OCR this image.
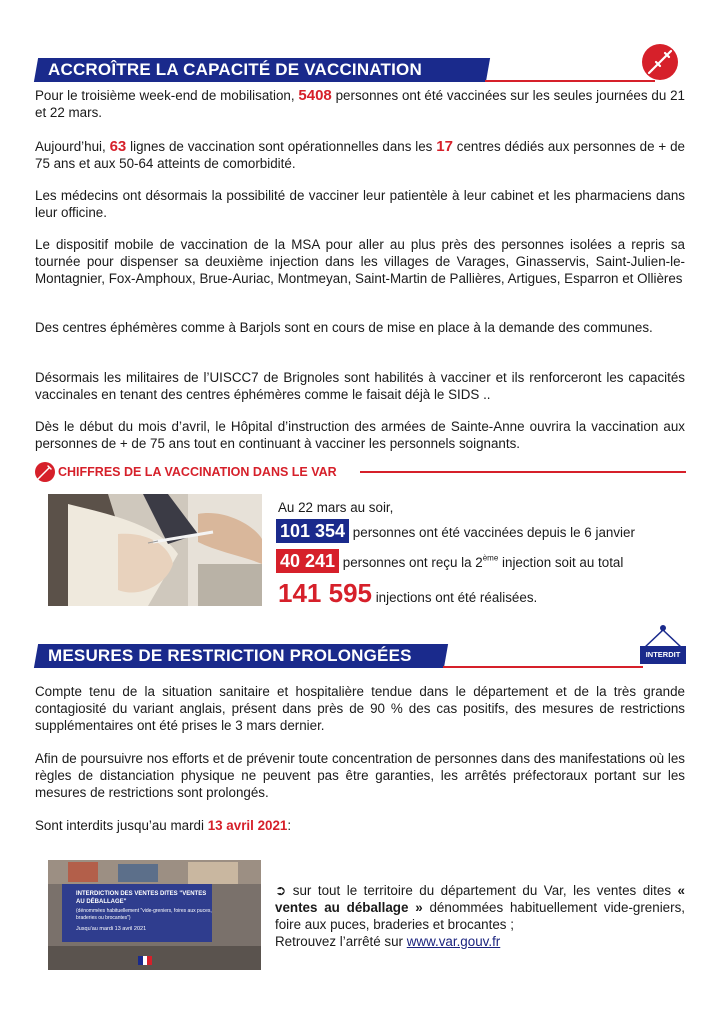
ACCROÎTRE LA CAPACITÉ DE VACCINATION

Pour le troisième week-end de mobilisation, 5408 personnes ont été vaccinées sur les seules journées du 21 et 22 mars.

Aujourd’hui, 63 lignes de vaccination sont opérationnelles dans les 17 centres dédiés aux personnes de + de 75 ans et aux 50-64 atteints de comorbidité.

Les médecins ont désormais la possibilité de vacciner leur patientèle à leur cabinet et les pharmaciens dans leur officine.

Le dispositif mobile de vaccination de la MSA pour aller au plus près des personnes isolées a repris sa tournée pour dispenser sa deuxième injection dans les villages de Varages, Ginasservis, Saint-Julien-le-Montagnier, Fox-Amphoux, Brue-Auriac, Montmeyan, Saint-Martin de Pallières, Artigues, Esparron et Ollières

Des centres éphémères comme à Barjols sont en cours de mise en place à la demande des communes.

Désormais les militaires de l’UISCC7 de Brignoles sont habilités à vacciner et ils renforceront les capacités vaccinales en tenant des centres éphémères comme le faisait déjà le SIDS ..

Dès le début du mois d’avril, le Hôpital d’instruction des armées de Sainte-Anne ouvrira la vaccination aux personnes de + de 75 ans tout en continuant à vacciner les personnels soignants.

CHIFFRES DE LA VACCINATION DANS LE VAR
Au 22 mars au soir,
101 354 personnes ont été vaccinées depuis le 6 janvier
40 241 personnes ont reçu la 2ème injection soit au total
141 595 injections ont été réalisées.
MESURES DE RESTRICTION PROLONGÉES	INTERDIT

Compte tenu de la situation sanitaire et hospitalière tendue dans le département et de la très grande contagiosité du variant anglais, présent dans près de 90 % des cas positifs, des mesures de restrictions supplémentaires ont été prises le 3 mars dernier.

Afin de poursuivre nos efforts et de prévenir toute concentration de personnes dans des manifestations où les règles de distanciation physique ne peuvent pas être garanties, les arrêtés préfectoraux portant sur les mesures de restrictions sont prolongés.

Sont interdits jusqu’au mardi 13 avril 2021:

INTERDICTION DES VENTES DITES "VENTES AU DÉBALLAGE"
(dénommées habituellement "vide-greniers, foires aux puces, braderies ou brocantes")
Jusqu'au mardi 13 avril 2021

➲ sur tout le territoire du département du Var, les ventes dites « ventes au déballage » dénommées habituellement vide-greniers, foire aux puces, braderies et brocantes ;
Retrouvez l’arrêté sur www.var.gouv.fr
